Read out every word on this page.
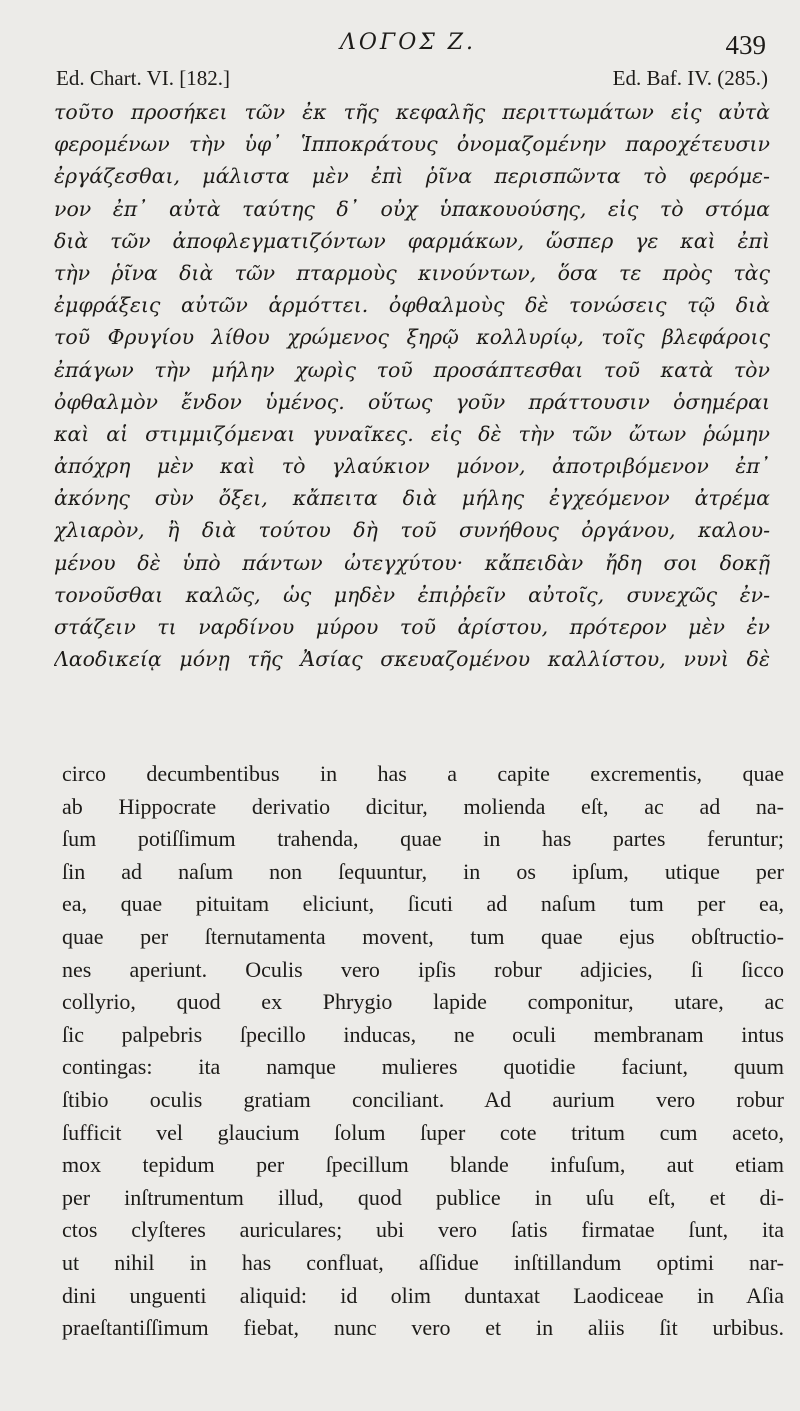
ΛΟΓΟΣ Ζ.	439
Ed. Chart. VI. [182.]	Ed. Baf. IV. (285.)
τοῦτο προσήκει τῶν ἐκ τῆς κεφαλῆς περιττωμάτων εἰς αὐτὰ
φερομένων τὴν ὑφ᾽ Ἱπποκράτους ὀνομαζομένην παροχέτευσιν
ἐργάζεσθαι, μάλιστα μὲν ἐπὶ ῥῖνα περισπῶντα τὸ φερόμε-
νον ἐπ᾽ αὐτὰ ταύτης δ᾽ οὐχ ὑπακουούσης, εἰς τὸ στόμα
διὰ τῶν ἀποφλεγματιζόντων φαρμάκων, ὥσπερ γε καὶ ἐπὶ
τὴν ῥῖνα διὰ τῶν πταρμοὺς κινούντων, ὅσα τε πρὸς τὰς
ἐμφράξεις αὐτῶν ἁρμόττει. ὀφθαλμοὺς δὲ τονώσεις τῷ διὰ
τοῦ Φρυγίου λίθου χρώμενος ξηρῷ κολλυρίῳ, τοῖς βλεφάροις
ἐπάγων τὴν μήλην χωρὶς τοῦ προσάπτεσθαι τοῦ κατὰ τὸν
ὀφθαλμὸν ἔνδον ὑμένος. οὕτως γοῦν πράττουσιν ὁσημέραι
καὶ αἱ στιμμιζόμεναι γυναῖκες. εἰς δὲ τὴν τῶν ὤτων ῥώμην
ἀπόχρη μὲν καὶ τὸ γλαύκιον μόνον, ἀποτριβόμενον ἐπ᾽
ἀκόνης σὺν ὄξει, κἄπειτα διὰ μήλης ἐγχεόμενον ἀτρέμα
χλιαρὸν, ἢ διὰ τούτου δὴ τοῦ συνήθους ὀργάνου, καλου-
μένου δὲ ὑπὸ πάντων ὠτεγχύτου· κἄπειδὰν ἤδη σοι δοκῇ
τονοῦσθαι καλῶς, ὡς μηδὲν ἐπιῤῥεῖν αὐτοῖς, συνεχῶς ἐν-
στάζειν τι ναρδίνου μύρου τοῦ ἀρίστου, πρότερον μὲν ἐν
Λαοδικείᾳ μόνῃ τῆς Ἀσίας σκευαζομένου καλλίστου, νυνὶ δὲ
circo decumbentibus in has a capite excrementis, quae
ab Hippocrate derivatio dicitur, molienda eſt, ac ad na-
ſum potiſſimum trahenda, quae in has partes feruntur;
ſin ad naſum non ſequuntur, in os ipſum, utique per
ea, quae pituitam eliciunt, ſicuti ad naſum tum per ea,
quae per ſternutamenta movent, tum quae ejus obſtructio-
nes aperiunt. Oculis vero ipſis robur adjicies, ſi ſicco
collyrio, quod ex Phrygio lapide componitur, utare, ac
ſic palpebris ſpecillo inducas, ne oculi membranam intus
contingas: ita namque mulieres quotidie faciunt, quum
ſtibio oculis gratiam conciliant. Ad aurium vero robur
ſufficit vel glaucium ſolum ſuper cote tritum cum aceto,
mox tepidum per ſpecillum blande infuſum, aut etiam
per inſtrumentum illud, quod publice in uſu eſt, et di-
ctos clyſteres auriculares; ubi vero ſatis firmatae ſunt, ita
ut nihil in has confluat, aſſidue inſtillandum optimi nar-
dini unguenti aliquid: id olim duntaxat Laodiceae in Aſia
praeſtantiſſimum fiebat, nunc vero et in aliis ſit urbibus.
